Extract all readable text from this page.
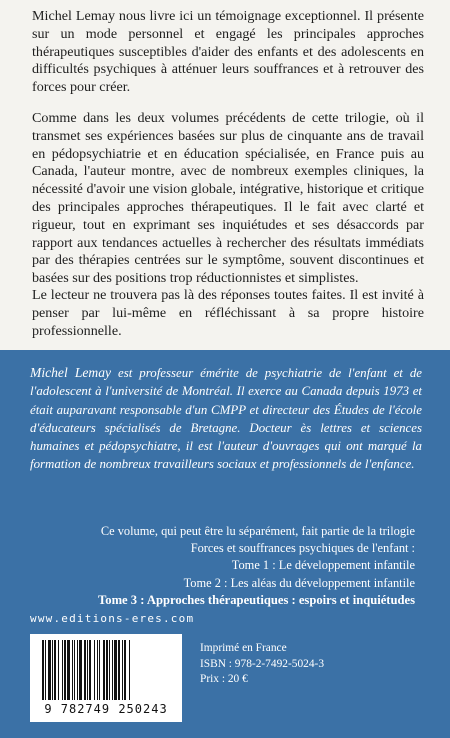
Michel Lemay nous livre ici un témoignage exceptionnel. Il présente sur un mode personnel et engagé les principales approches thérapeutiques susceptibles d'aider des enfants et des adolescents en difficultés psychiques à atténuer leurs souffrances et à retrouver des forces pour créer.

Comme dans les deux volumes précédents de cette trilogie, où il transmet ses expériences basées sur plus de cinquante ans de travail en pédopsychiatrie et en éducation spécialisée, en France puis au Canada, l'auteur montre, avec de nombreux exemples cliniques, la nécessité d'avoir une vision globale, intégrative, historique et critique des principales approches thérapeutiques. Il le fait avec clarté et rigueur, tout en exprimant ses inquiétudes et ses désaccords par rapport aux tendances actuelles à rechercher des résultats immédiats par des thérapies centrées sur le symptôme, souvent discontinues et basées sur des positions trop réductionnistes et simplistes.

Le lecteur ne trouvera pas là des réponses toutes faites. Il est invité à penser par lui-même en réfléchissant à sa propre histoire professionnelle.

Michel Lemay est professeur émérite de psychiatrie de l'enfant et de l'adolescent à l'université de Montréal. Il exerce au Canada depuis 1973 et était auparavant responsable d'un CMPP et directeur des Études de l'école d'éducateurs spécialisés de Bretagne. Docteur ès lettres et sciences humaines et pédopsychiatre, il est l'auteur d'ouvrages qui ont marqué la formation de nombreux travailleurs sociaux et professionnels de l'enfance.

Ce volume, qui peut être lu séparément, fait partie de la trilogie
Forces et souffrances psychiques de l'enfant :
Tome 1 : Le développement infantile
Tome 2 : Les aléas du développement infantile
Tome 3 : Approches thérapeutiques : espoirs et inquiétudes
www.editions-eres.com
9 782749 250243
Imprimé en France
ISBN : 978-2-7492-5024-3
Prix : 20 €
